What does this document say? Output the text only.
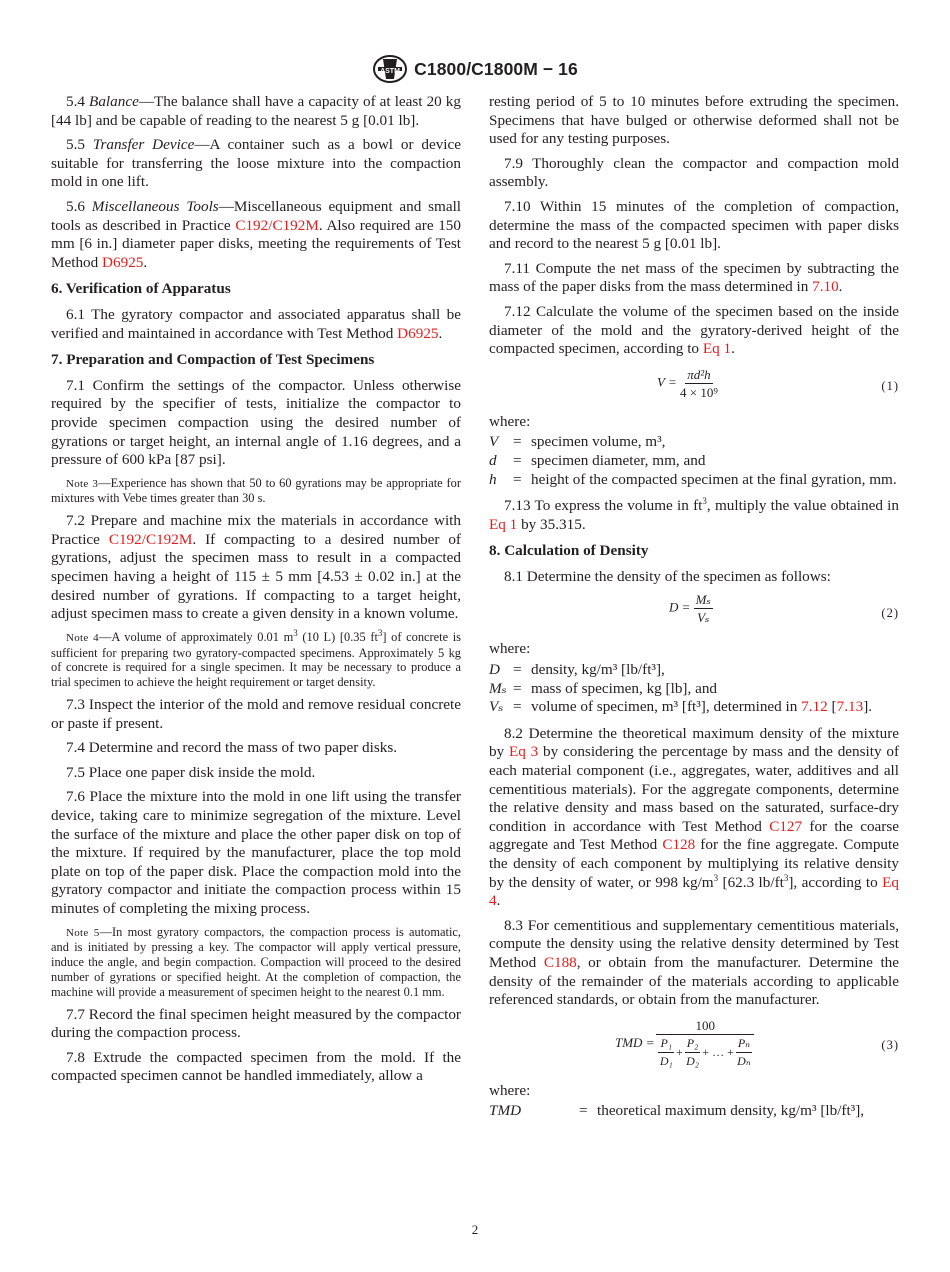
ASTM C1800/C1800M − 16

5.4 Balance—The balance shall have a capacity of at least 20 kg [44 lb] and be capable of reading to the nearest 5 g [0.01 lb].

5.5 Transfer Device—A container such as a bowl or device suitable for transferring the loose mixture into the compaction mold in one lift.

5.6 Miscellaneous Tools—Miscellaneous equipment and small tools as described in Practice C192/C192M. Also required are 150 mm [6 in.] diameter paper disks, meeting the requirements of Test Method D6925.

6. Verification of Apparatus

6.1 The gyratory compactor and associated apparatus shall be verified and maintained in accordance with Test Method D6925.

7. Preparation and Compaction of Test Specimens

7.1 Confirm the settings of the compactor. Unless otherwise required by the specifier of tests, initialize the compactor to provide specimen compaction using the desired number of gyrations or target height, an internal angle of 1.16 degrees, and a pressure of 600 kPa [87 psi].

Note 3—Experience has shown that 50 to 60 gyrations may be appropriate for mixtures with Vebe times greater than 30 s.

7.2 Prepare and machine mix the materials in accordance with Practice C192/C192M. If compacting to a desired number of gyrations, adjust the specimen mass to result in a compacted specimen having a height of 115 ± 5 mm [4.53 ± 0.02 in.] at the desired number of gyrations. If compacting to a target height, adjust specimen mass to create a given density in a known volume.

Note 4—A volume of approximately 0.01 $m^3$ (10 L) [0.35 $ft^3$] of concrete is sufficient for preparing two gyratory-compacted specimens. Approximately 5 kg of concrete is required for a single specimen. It may be necessary to produce a trial specimen to achieve the height requirement or target density.

7.3 Inspect the interior of the mold and remove residual concrete or paste if present.

7.4 Determine and record the mass of two paper disks.

7.5 Place one paper disk inside the mold.

7.6 Place the mixture into the mold in one lift using the transfer device, taking care to minimize segregation of the mixture. Level the surface of the mixture and place the other paper disk on top of the mixture. If required by the manufacturer, place the top mold plate on top of the paper disk. Place the compaction mold into the gyratory compactor and initiate the compaction process within 15 minutes of completing the mixing process.

Note 5—In most gyratory compactors, the compaction process is automatic, and is initiated by pressing a key. The compactor will apply vertical pressure, induce the angle, and begin compaction. Compaction will proceed to the desired number of gyrations or specified height. At the completion of compaction, the machine will provide a measurement of specimen height to the nearest 0.1 mm.

7.7 Record the final specimen height measured by the compactor during the compaction process.

7.8 Extrude the compacted specimen from the mold. If the compacted specimen cannot be handled immediately, allow a

resting period of 5 to 10 minutes before extruding the specimen. Specimens that have bulged or otherwise deformed shall not be used for any testing purposes.

7.9 Thoroughly clean the compactor and compaction mold assembly.

7.10 Within 15 minutes of the completion of compaction, determine the mass of the compacted specimen with paper disks and record to the nearest 5 g [0.01 lb].

7.11 Compute the net mass of the specimen by subtracting the mass of the paper disks from the mass determined in 7.10.

7.12 Calculate the volume of the specimen based on the inside diameter of the mold and the gyratory-derived height of the compacted specimen, according to Eq 1.

$V = \frac{\text{πd²h}}{\text{4 × 10⁹}}$	(1)
where:
V = specimen volume, m³,
d	= specimen diameter, mm, and
h	= height of the compacted specimen at the final gyration, mm.

7.13 To express the volume in $ft^3$, multiply the value obtained in Eq 1 by 35.315.

8. Calculation of Density

8.1 Determine the density of the specimen as follows:

$D = \frac{\text{Mₛ}}{\text{Vₛ}}$	(2)
where:
D = density, kg/m³ [lb/ft³],
Mₛ = mass of specimen, kg [lb], and
Vₛ = volume of specimen, m³ [ft³], determined in 7.12 [7.13].

8.2 Determine the theoretical maximum density of the mixture by Eq 3 by considering the percentage by mass and the density of each material component (i.e., aggregates, water, additives and all cementitious materials). For the aggregate components, determine the relative density and mass based on the saturated, surface-dry condition in accordance with Test Method C127 for the coarse aggregate and Test Method C128 for the fine aggregate. Compute the density of each component by multiplying its relative density by the density of water, or 998 $kg/m^3$ [62.3 $lb/ft^3$], according to Eq 4.

8.3 For cementitious and supplementary cementitious materials, compute the density using the relative density determined by Test Method C188, or obtain from the manufacturer. Determine the density of the remainder of the materials according to applicable referenced standards, or obtain from the manufacturer.

TMD =
100
$\frac{\text{P₁}}{\text{D₁}} + \frac{\text{P₂}}{\text{D₂}}$ + … + $\frac{\text{Pₙ}}{\text{Dₙ}}$	(3)
where:
TMD	= theoretical maximum density, kg/m³ [lb/ft³],
2
